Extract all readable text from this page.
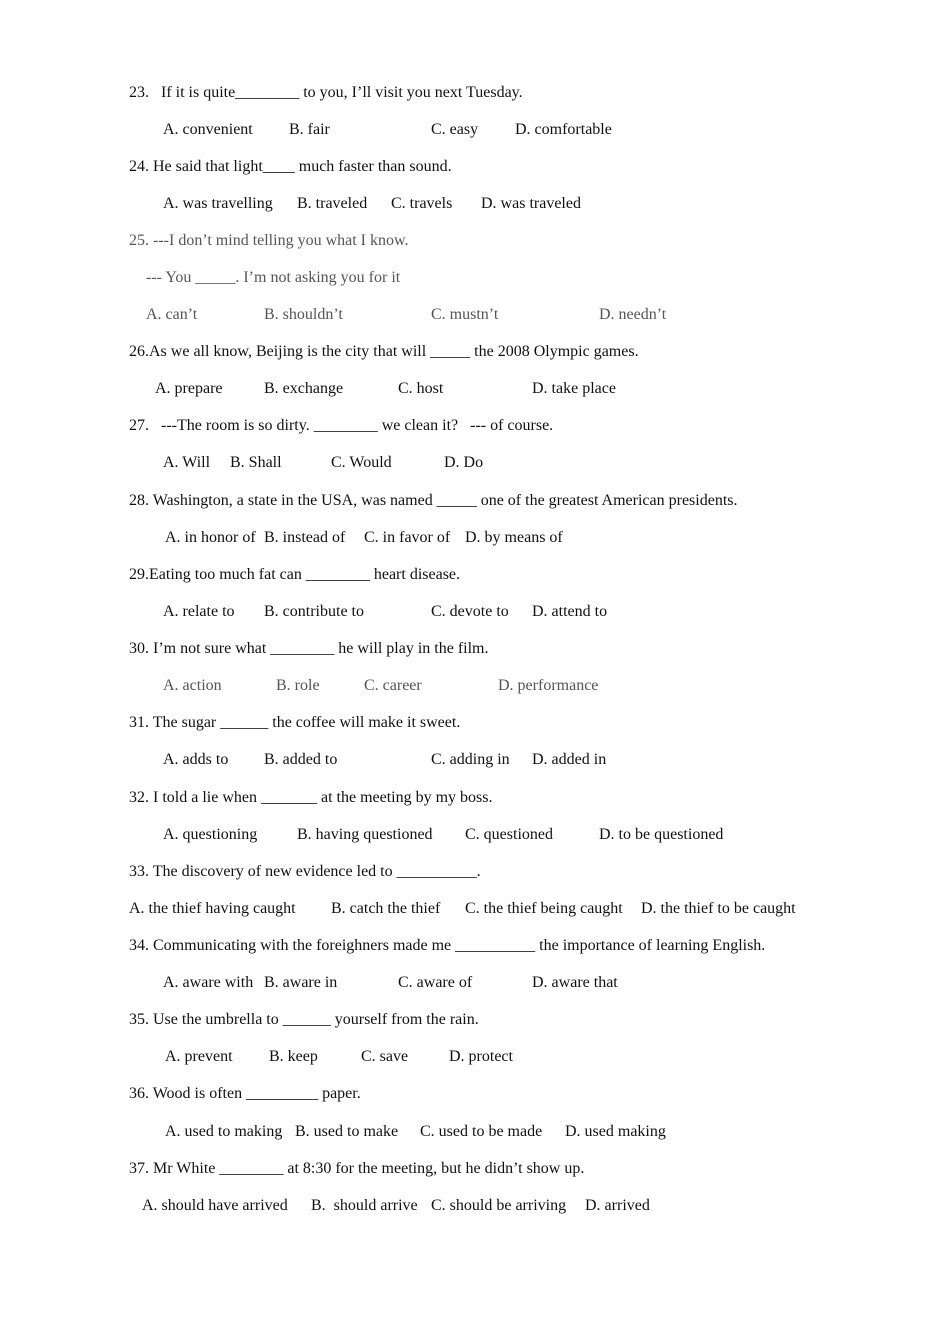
23.   If it is quite________ to you, I’ll visit you next Tuesday.
A. convenient B. fair	C. easy D. comfortable
24. He said that light____ much faster than sound.
A. was travelling B. traveled C. travels D. was traveled
25. ---I don’t mind telling you what I know.
--- You _____. I’m not asking you for it
A. can’t	B. shouldn’t	C. mustn’t	D. needn’t
26.As we all know, Beijing is the city that will _____ the 2008 Olympic games.
A. prepare	B. exchange	C. host	D. take place
27.   ---The room is so dirty. ________ we clean it?   --- of course.
A. Will B. Shall	C. Would	D. Do
28. Washington, a state in the USA, was named _____ one of the greatest American presidents.
A. in honor of B. instead of C. in favor of D. by means of
29.Eating too much fat can ________ heart disease.
A. relate to B. contribute to	C. devote to D. attend to
30. I’m not sure what ________ he will play in the film.
A. action	B. role	C. career	D. performance
31. The sugar ______ the coffee will make it sweet.
A. adds to B. added to	C. adding in D. added in
32. I told a lie when _______ at the meeting by my boss.
A. questioning B. having questioned C. questioned	D. to be questioned
33. The discovery of new evidence led to __________.
A. the thief having caught B. catch the thief C. the thief being caught D. the thief to be caught
34. Communicating with the foreighners made me __________ the importance of learning English.
A. aware with B. aware in	C. aware of	D. aware that
35. Use the umbrella to ______ yourself from the rain.
A. prevent B. keep	C. save	D. protect
36. Wood is often _________ paper.
A. used to making B. used to make C. used to be made D. used making
37. Mr White ________ at 8:30 for the meeting, but he didn’t show up.
A. should have arrived B.  should arrive C. should be arriving D. arrived
